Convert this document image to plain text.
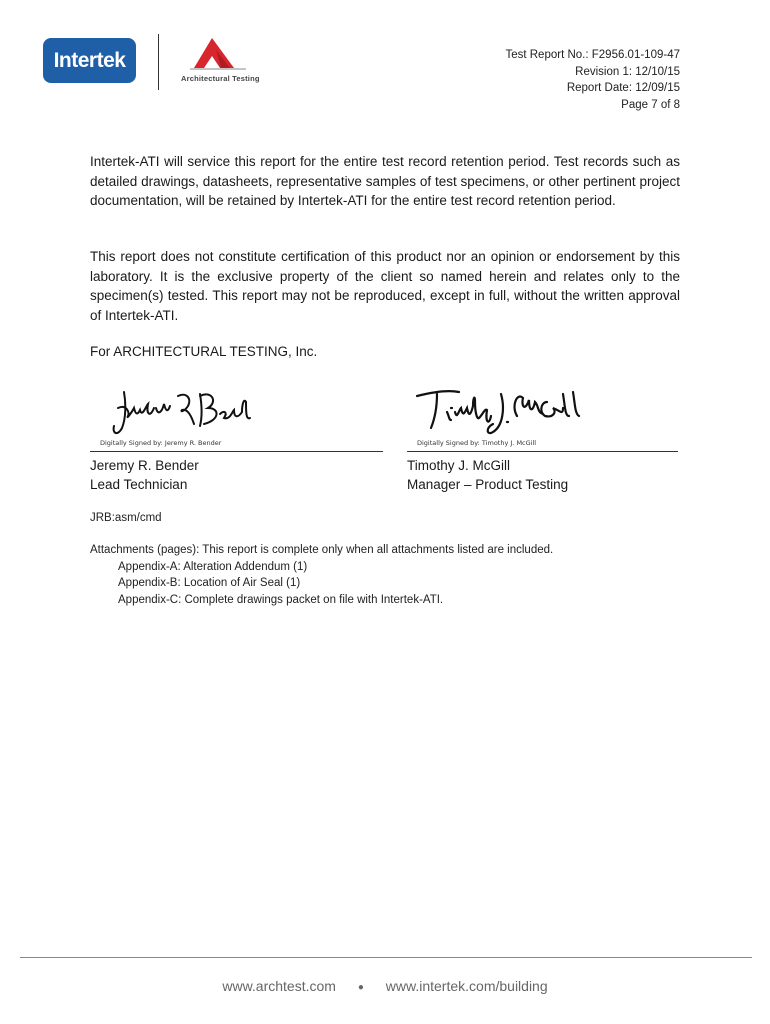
Intertek
Architectural Testing
Test Report No.: F2956.01-109-47
Revision 1: 12/10/15
Report Date: 12/09/15
Page 7 of 8
Intertek-ATI will service this report for the entire test record retention period. Test records such as detailed drawings, datasheets, representative samples of test specimens, or other pertinent project documentation, will be retained by Intertek-ATI for the entire test record retention period.
This report does not constitute certification of this product nor an opinion or endorsement by this laboratory. It is the exclusive property of the client so named herein and relates only to the specimen(s) tested. This report may not be reproduced, except in full, without the written approval of Intertek-ATI.
For ARCHITECTURAL TESTING, Inc.
Digitally Signed by: Jeremy R. Bender
Jeremy R. Bender
Lead Technician
Digitally Signed by: Timothy J. McGill
Timothy J. McGill
Manager – Product Testing
JRB:asm/cmd
Attachments (pages): This report is complete only when all attachments listed are included.
Appendix-A: Alteration Addendum (1)
Appendix-B: Location of Air Seal (1)
Appendix-C: Complete drawings packet on file with Intertek-ATI.
www.archtest.com ● www.intertek.com/building
